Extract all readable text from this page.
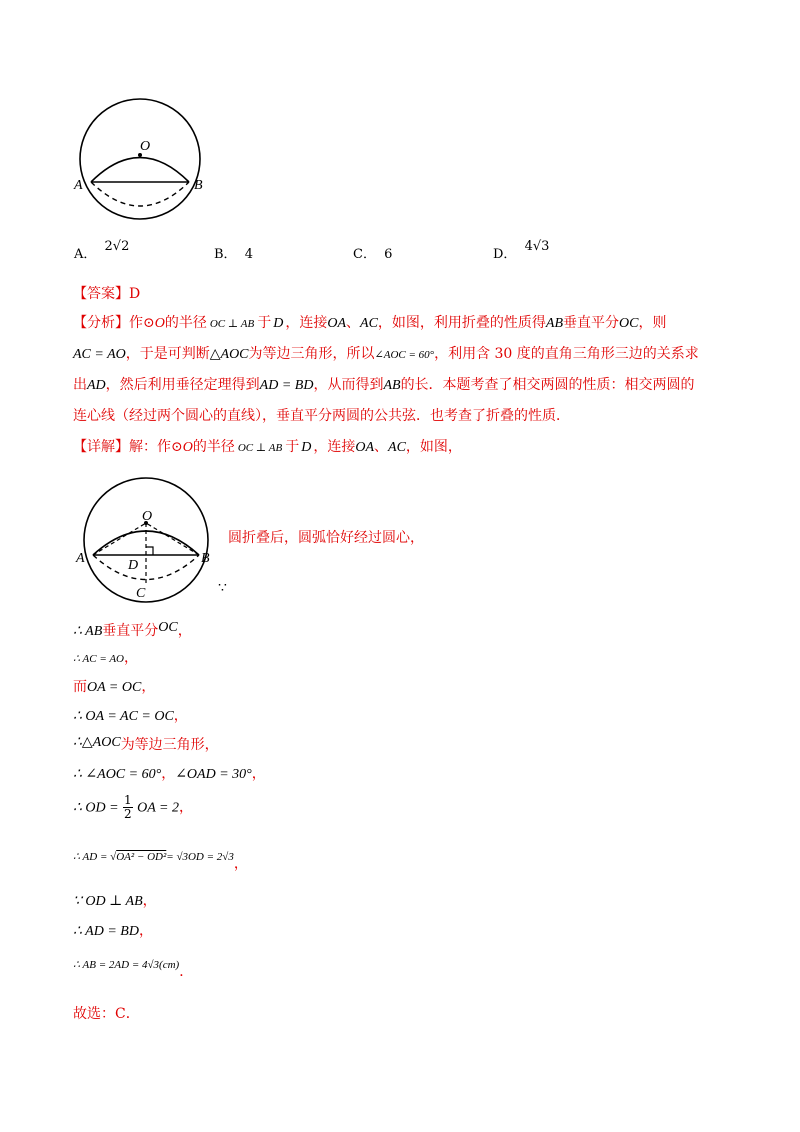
O
A	B
A． 2√2
B． 4	C． 6	D． 4√3
【答案】D
【分析】作⊙O的半径 OC ⊥ AB 于 D ，连接OA、AC，如图，利用折叠的性质得AB垂直平分OC，则
AC = AO，于是可判断△AOC为等边三角形，所以∠AOC = 60°，利用含 30 度的直角三角形三边的关系求
出AD，然后利用垂径定理得到AD = BD，从而得到AB的长．本题考查了相交两圆的性质：相交两圆的
连心线（经过两个圆心的直线），垂直平分两圆的公共弦．也考查了折叠的性质．
【详解】解：作⊙O的半径 OC ⊥ AB 于 D ，连接OA、AC，如图，
O
A	B
D
C
圆折叠后，圆弧恰好经过圆心，
∵
∴ AB垂直平分OC，
∴ AC = AO，
而OA = OC，
∴ OA = AC = OC，
∴△AOC为等边三角形，
∴ ∠AOC = 60°，∠OAD = 30°，
∴ OD = $\frac{1}{2}$ OA = 2，
∴ AD = √OA² − OD²= √3OD = 2√3，
∵ OD ⊥ AB，
∴ AD = BD，
∴ AB = 2AD = 4√3(cm)．
故选：C．
